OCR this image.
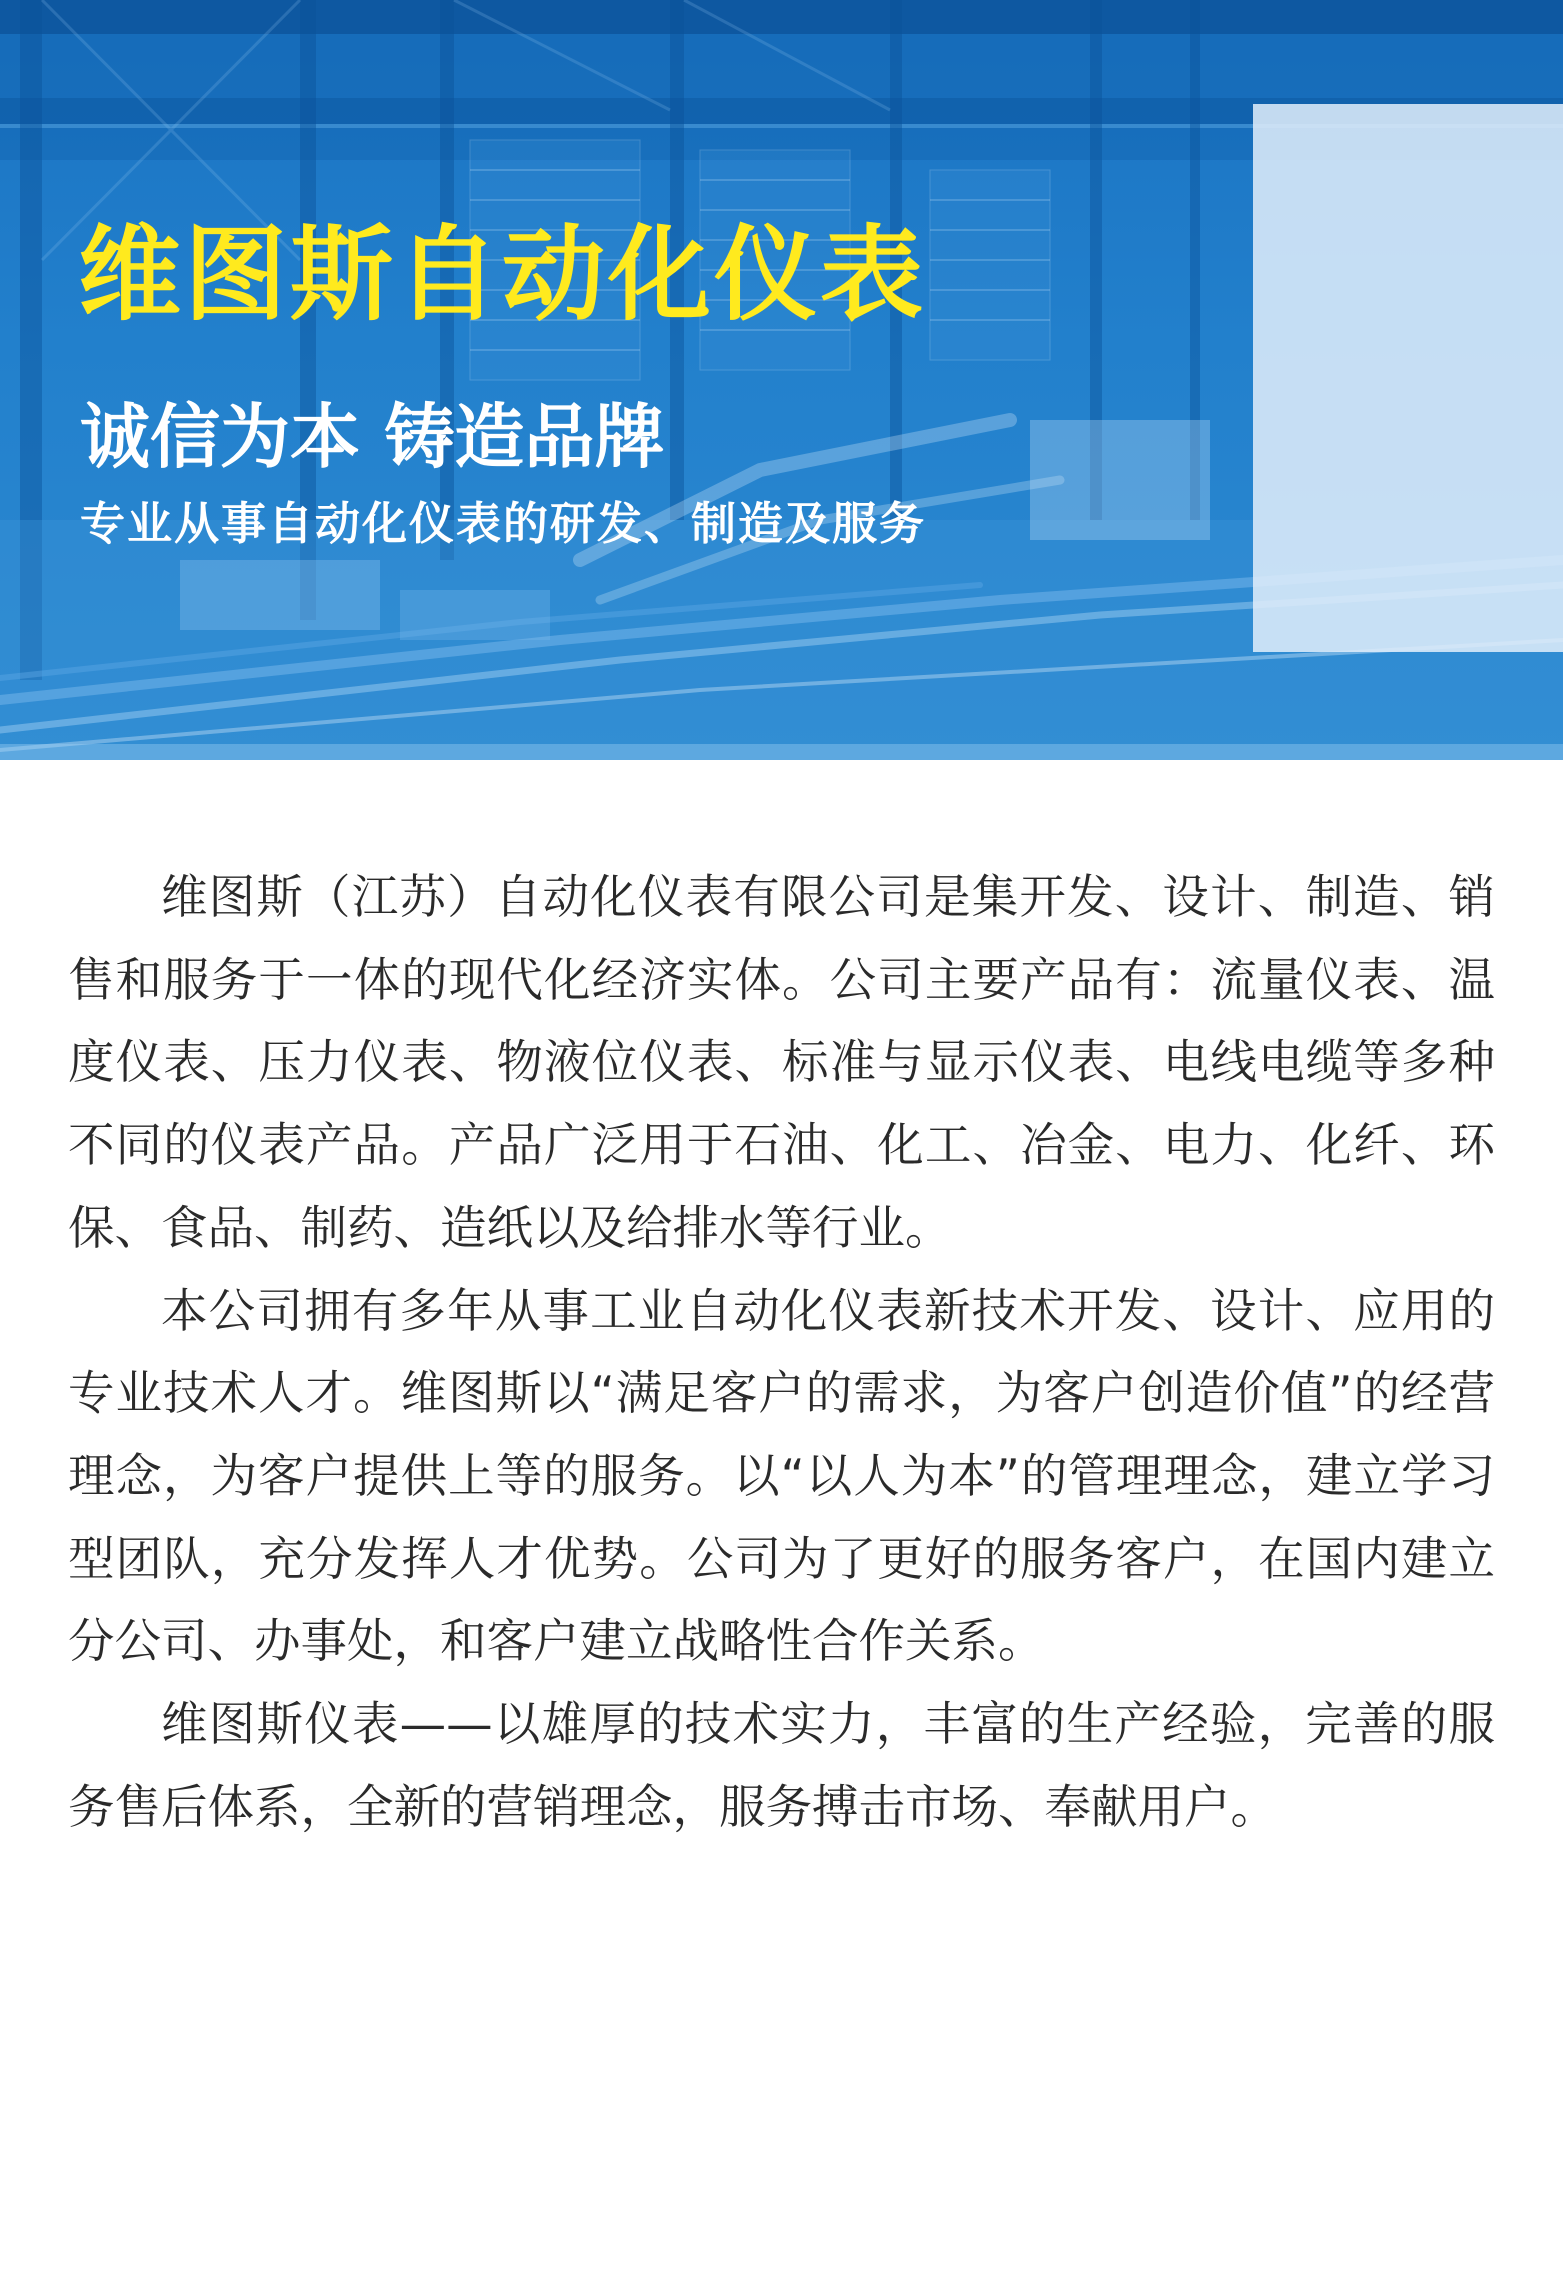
维图斯自动化仪表
诚信为本 铸造品牌
专业从事自动化仪表的研发、制造及服务

维图斯（江苏）自动化仪表有限公司是集开发、设计、制造、销售和服务于一体的现代化经济实体。公司主要产品有：流量仪表、温度仪表、压力仪表、物液位仪表、标准与显示仪表、电线电缆等多种不同的仪表产品。产品广泛用于石油、化工、冶金、电力、化纤、环保、食品、制药、造纸以及给排水等行业。

本公司拥有多年从事工业自动化仪表新技术开发、设计、应用的专业技术人才。维图斯以“满足客户的需求，为客户创造价值”的经营理念，为客户提供上等的服务。以“以人为本”的管理理念，建立学习型团队，充分发挥人才优势。公司为了更好的服务客户，在国内建立分公司、办事处，和客户建立战略性合作关系。

维图斯仪表——以雄厚的技术实力，丰富的生产经验，完善的服务售后体系，全新的营销理念，服务搏击市场、奉献用户。
